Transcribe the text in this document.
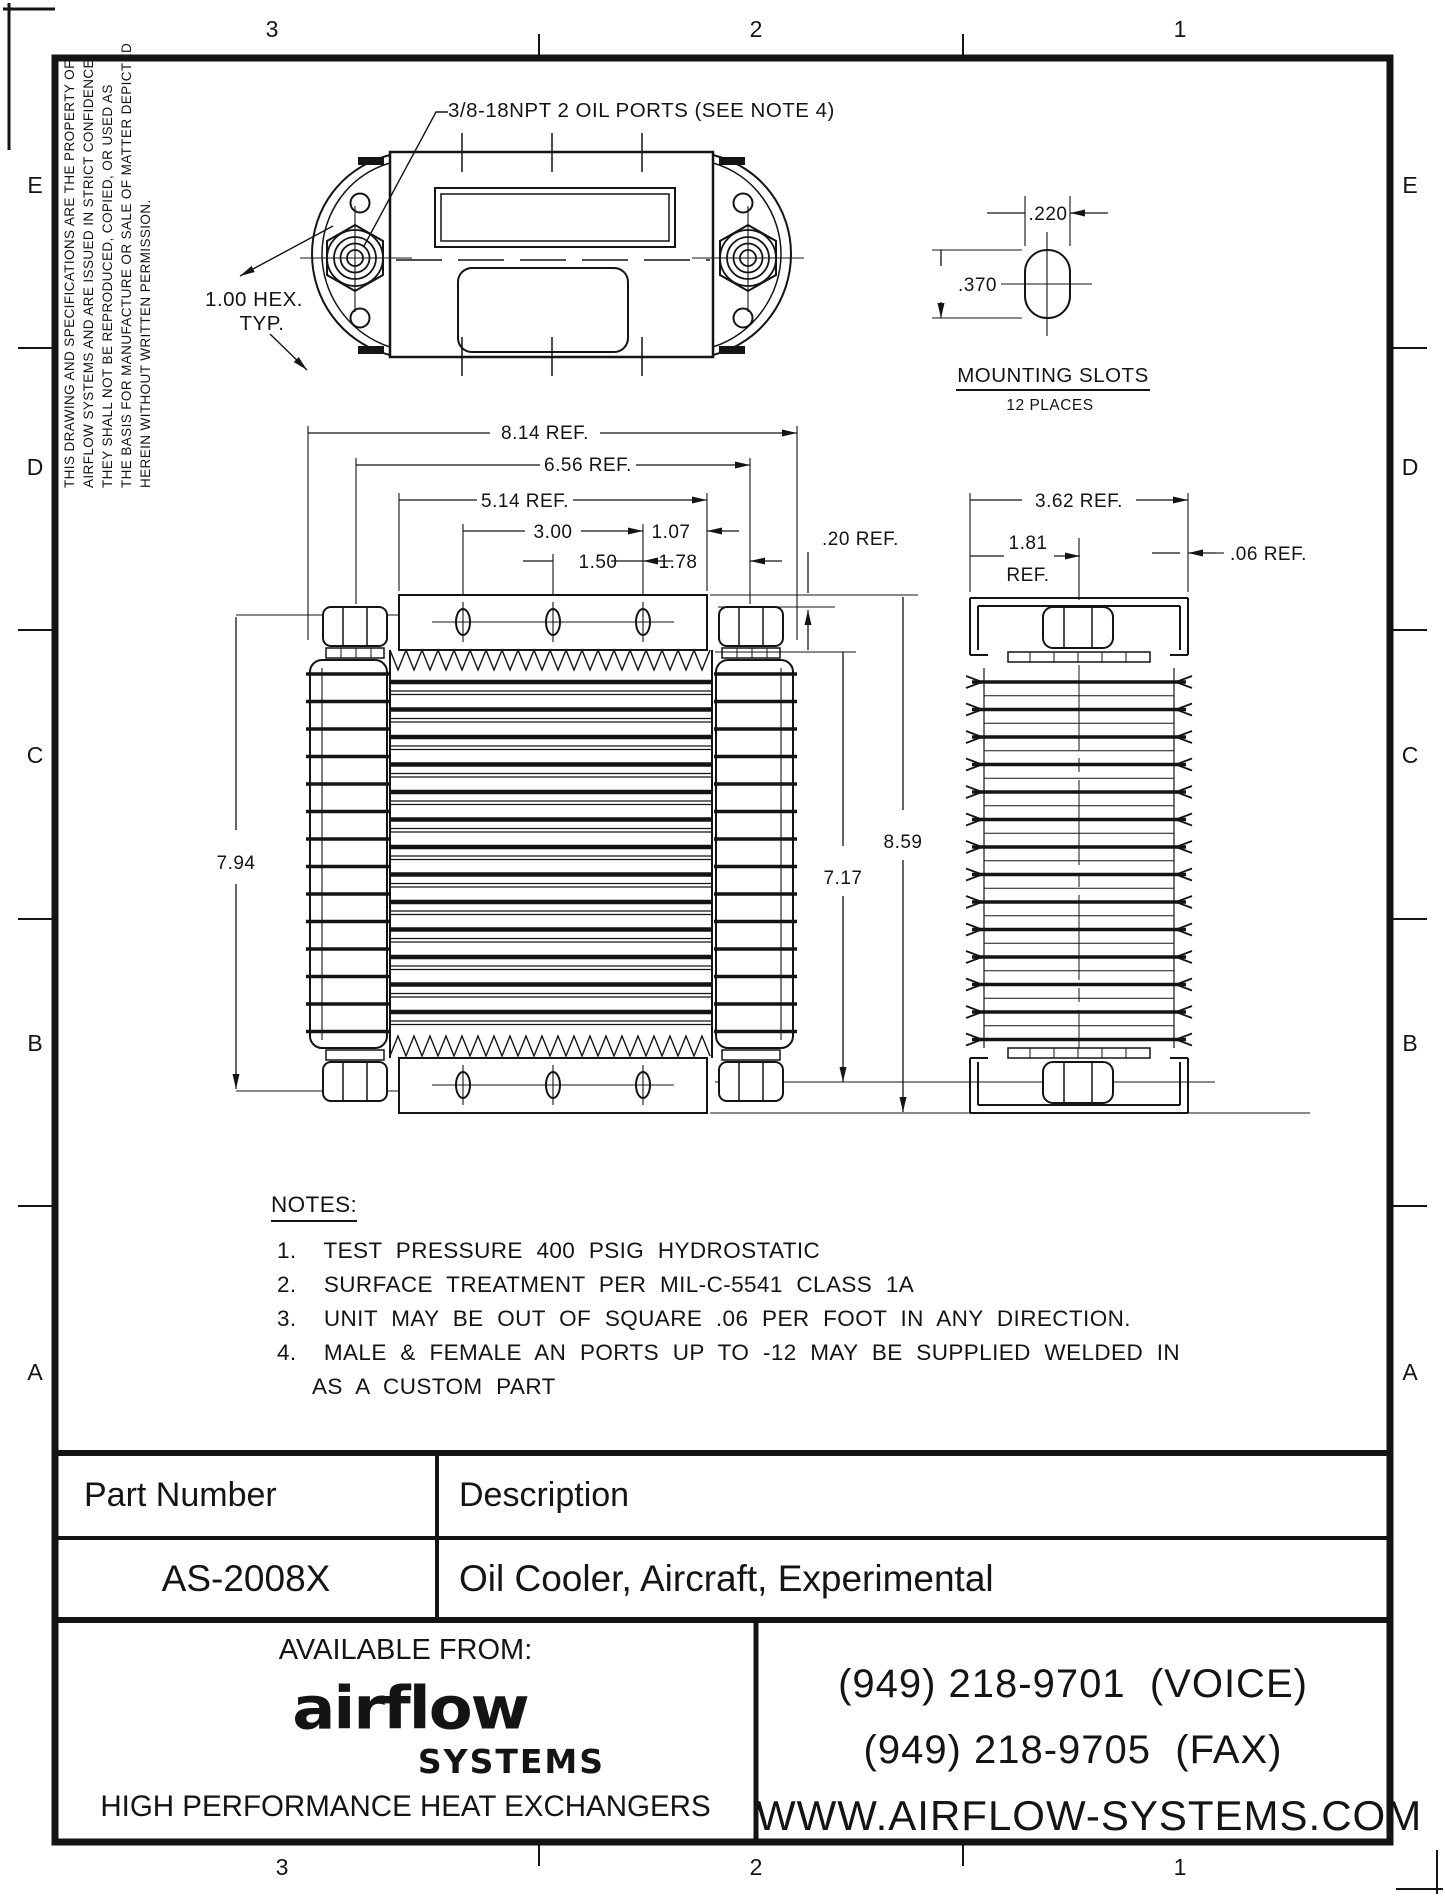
3/8-18NPT 2 OIL PORTS (SEE NOTE 4)
1.00 HEX.
TYP.
.220
.370
MOUNTING SLOTS
12 PLACES
8.14 REF.
6.56 REF.
5.14 REF.
3.00	1.07
1.50 1.78
.20 REF.
7.94
7.17
8.59
3.62 REF.
1.81
REF.
.06 REF.
3	2	1
3	2	1
E
D
C
B
A
E
D
C
B
A
THIS DRAWING AND SPECIFICATIONS ARE THE PROPERTY OF AIRFLOW SYSTEMS AND ARE ISSUED IN STRICT CONFIDENCE. THEY SHALL NOT BE REPRODUCED, COPIED, OR USED AS THE BASIS FOR MANUFACTURE OR SALE OF MATTER DEPICTED HEREIN WITHOUT WRITTEN PERMISSION.
NOTES:
1.  TEST PRESSURE 400 PSIG HYDROSTATIC
2.  SURFACE TREATMENT PER MIL-C-5541 CLASS 1A
3.  UNIT MAY BE OUT OF SQUARE .06 PER FOOT IN ANY DIRECTION.
4.  MALE & FEMALE AN PORTS UP TO -12 MAY BE SUPPLIED WELDED IN
AS A CUSTOM PART
Part Number	Description
AS-2008X	Oil Cooler, Aircraft, Experimental
AVAILABLE FROM:
airflow
SYSTEMS
HIGH PERFORMANCE HEAT EXCHANGERS
(949) 218-9701  (VOICE)
(949) 218-9705  (FAX)
WWW.AIRFLOW-SYSTEMS.COM
